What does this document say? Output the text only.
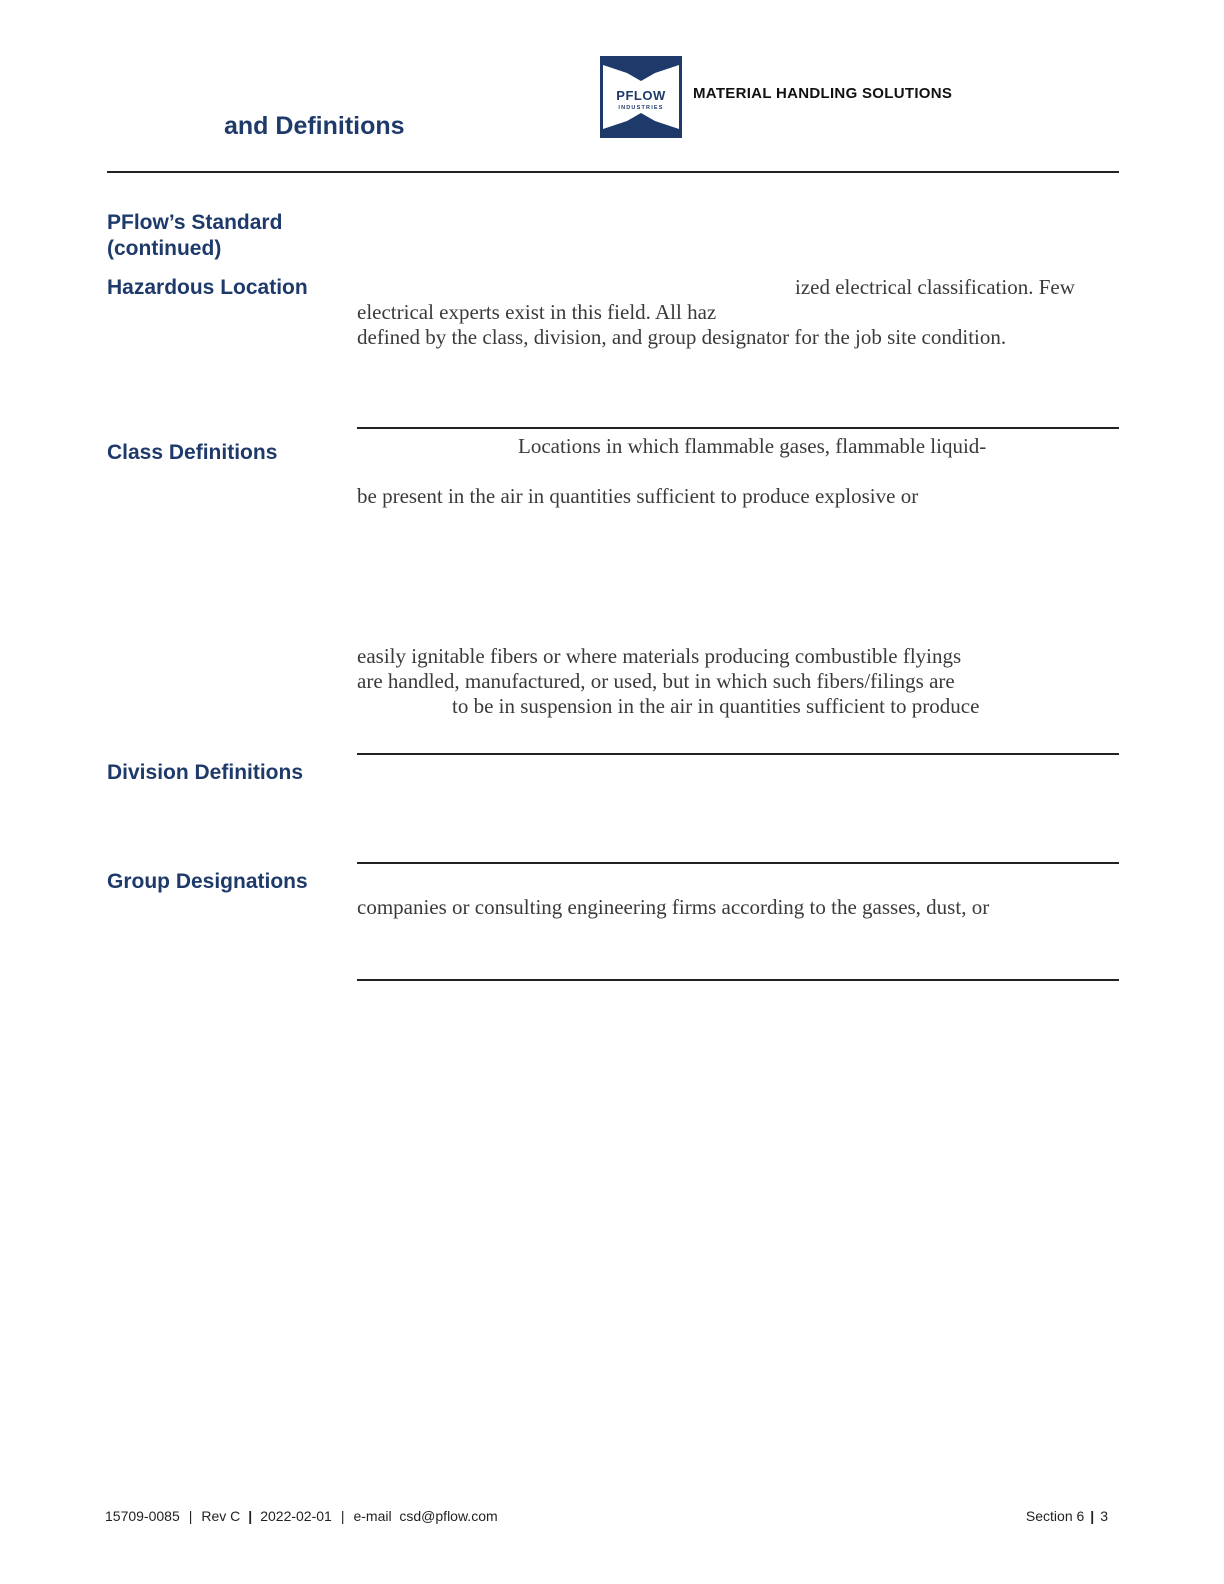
and Definitions
PFLOW
INDUSTRIES
MATERIAL HANDLING SOLUTIONS
PFlow’s Standard
(continued)
Hazardous Location	ized electrical classification. Few
electrical experts exist in this field. All haz
defined by the class, division, and group designator for the job site condition.
Class Definitions	Locations in which flammable gases, flammable liquid-
be present in the air in quantities sufficient to produce explosive or
easily ignitable fibers or where materials producing combustible flyings
are handled, manufactured, or used, but in which such fibers/filings are
to be in suspension in the air in quantities sufficient to produce
Division Definitions
Group Designations
companies or consulting engineering firms according to the gasses, dust, or
15709-0085 | Rev C | 2022-02-01 | e-mail csd@pflow.com	Section 6 | 3
